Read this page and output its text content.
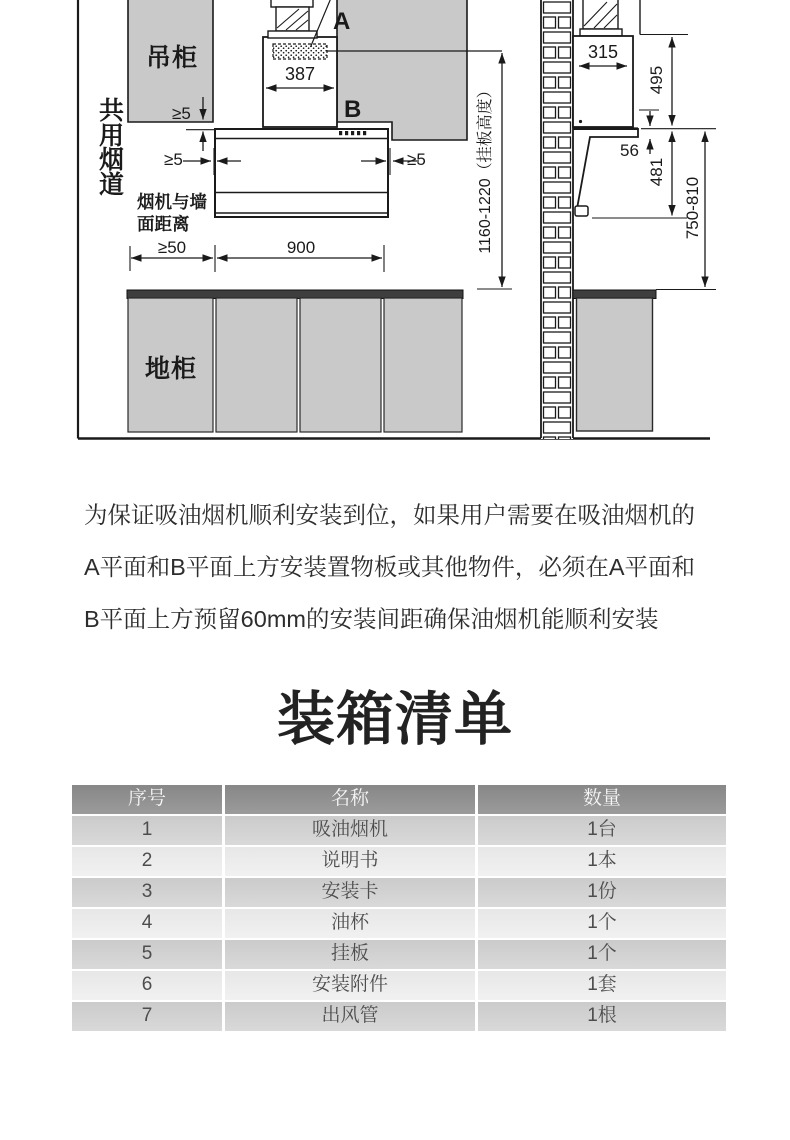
共用烟道
吊柜
A
387
≥5	B
≥5	≥5
烟机与墙
面距离
≥50	900
地柜
1160-1220（挂板高度）
315
495
56
481
750-810
为保证吸油烟机顺利安装到位，如果用户需要在吸油烟机的
A平面和B平面上方安装置物板或其他物件，必须在A平面和
B平面上方预留60mm的安装间距确保油烟机能顺利安装
装箱清单
序号	名称	数量
1	吸油烟机	1台
2	说明书	1本
3	安装卡	1份
4	油杯	1个
5	挂板	1个
6	安装附件	1套
7	出风管	1根
